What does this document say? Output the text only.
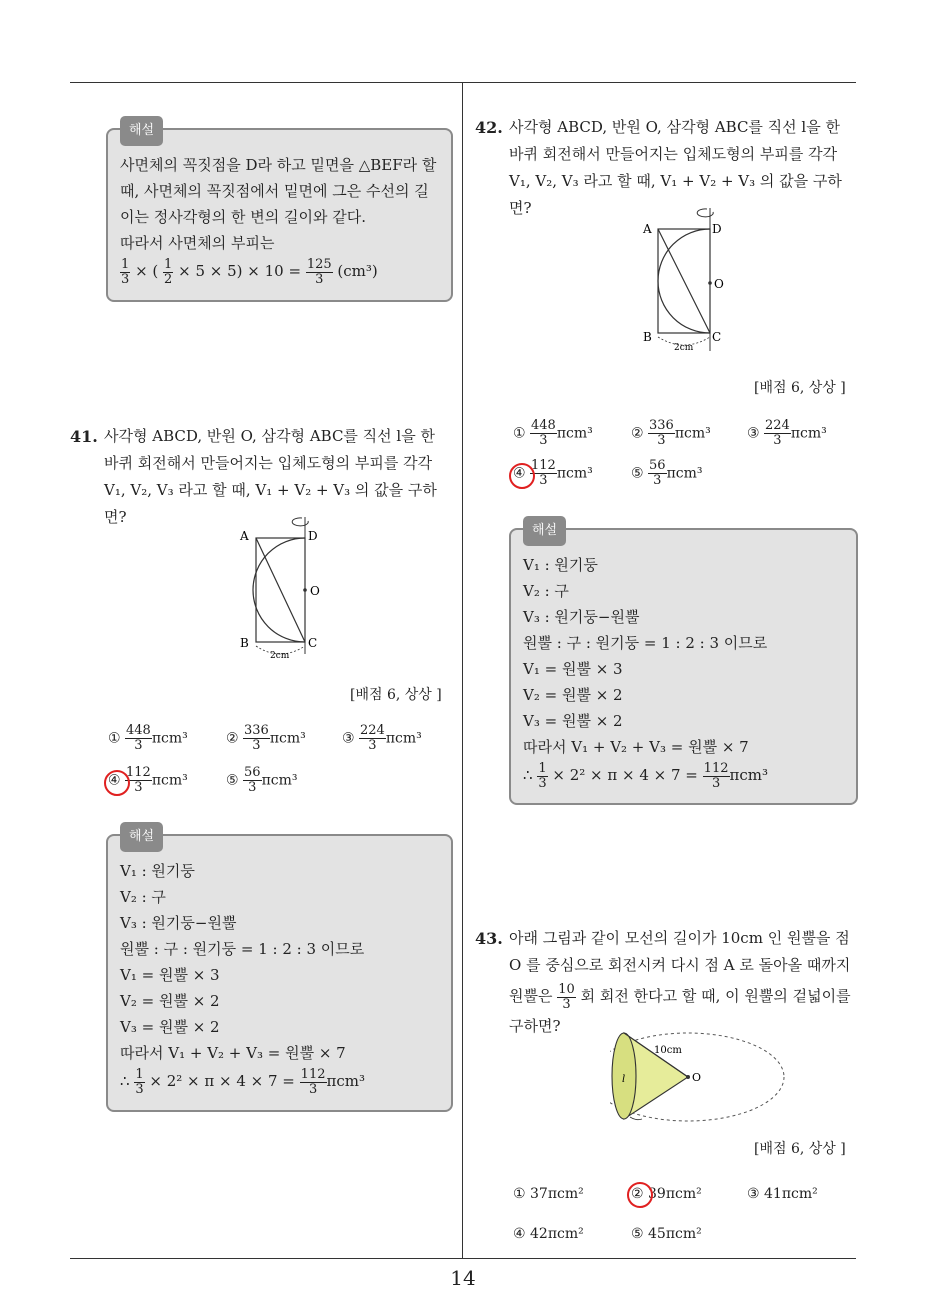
해설

사면체의 꼭짓점을 D라 하고 밑면을 △BEF라 할

때, 사면체의 꼭짓점에서 밑면에 그은 수선의 길

이는 정사각형의 한 변의 길이와 같다.

따라서 사면체의 부피는

$\frac{1}{3}$ × ( $\frac{1}{2} \times 5 \times 5) \times 10 = \frac{125}{3} (cm^3)$

41. 사각형 ABCD, 반원 O, 삼각형 ABC를 직선 l을 한
바퀴 회전해서 만들어지는 입체도형의 부피를 각각
V₁, V₂, V₃ 라고 할 때, V₁ + V₂ + V₃ 의 값을 구하면?
A	D
O
B	C
2cm
[배점 6, 상상 ]
① $\frac{448}{3} \pi cm^3$	② $\frac{336}{3} \pi cm^3$	③ $\frac{224}{3} \pi cm^3$
④ $\frac{112}{3} \pi cm^3$	⑤ $\frac{56}{3} \pi cm^3$
해설

V₁ : 원기둥

V₂ : 구

V₃ : 원기둥−원뿔

원뿔 : 구 : 원기둥 = 1 : 2 : 3 이므로

V₁ = 원뿔 × 3

V₂ = 원뿔 × 2

V₃ = 원뿔 × 2

따라서 V₁ + V₂ + V₃ = 원뿔 × 7

∴ $\frac{1}{3} \times 2^2 \times \pi \times 4 \times 7 = \frac{112}{3} \pi cm^3$

42. 사각형 ABCD, 반원 O, 삼각형 ABC를 직선 l을 한
바퀴 회전해서 만들어지는 입체도형의 부피를 각각
V₁, V₂, V₃ 라고 할 때, V₁ + V₂ + V₃ 의 값을 구하면?
A	D
O
B	C
2cm
[배점 6, 상상 ]
① $\frac{448}{3} \pi cm^3$	② $\frac{336}{3} \pi cm^3$	③ $\frac{224}{3} \pi cm^3$
④ $\frac{112}{3} \pi cm^3$	⑤ $\frac{56}{3} \pi cm^3$
해설

V₁ : 원기둥

V₂ : 구

V₃ : 원기둥−원뿔

원뿔 : 구 : 원기둥 = 1 : 2 : 3 이므로

V₁ = 원뿔 × 3

V₂ = 원뿔 × 2

V₃ = 원뿔 × 2

따라서 V₁ + V₂ + V₃ = 원뿔 × 7

∴ $\frac{1}{3} \times 2^2 \times \pi \times 4 \times 7 = \frac{112}{3} \pi cm^3$

43. 아래 그림과 같이 모선의 길이가 10cm 인 원뿔을 점
O 를 중심으로 회전시켜 다시 점 A 로 돌아올 때까지
원뿔은 $\frac{10}{3}$ 회 회전 한다고 할 때, 이 원뿔의 겉넓이를
구하면?
10cm
O
l
[배점 6, 상상 ]
① 37πcm²	② 39πcm²	③ 41πcm²
④ 42πcm²	⑤ 45πcm²
14
